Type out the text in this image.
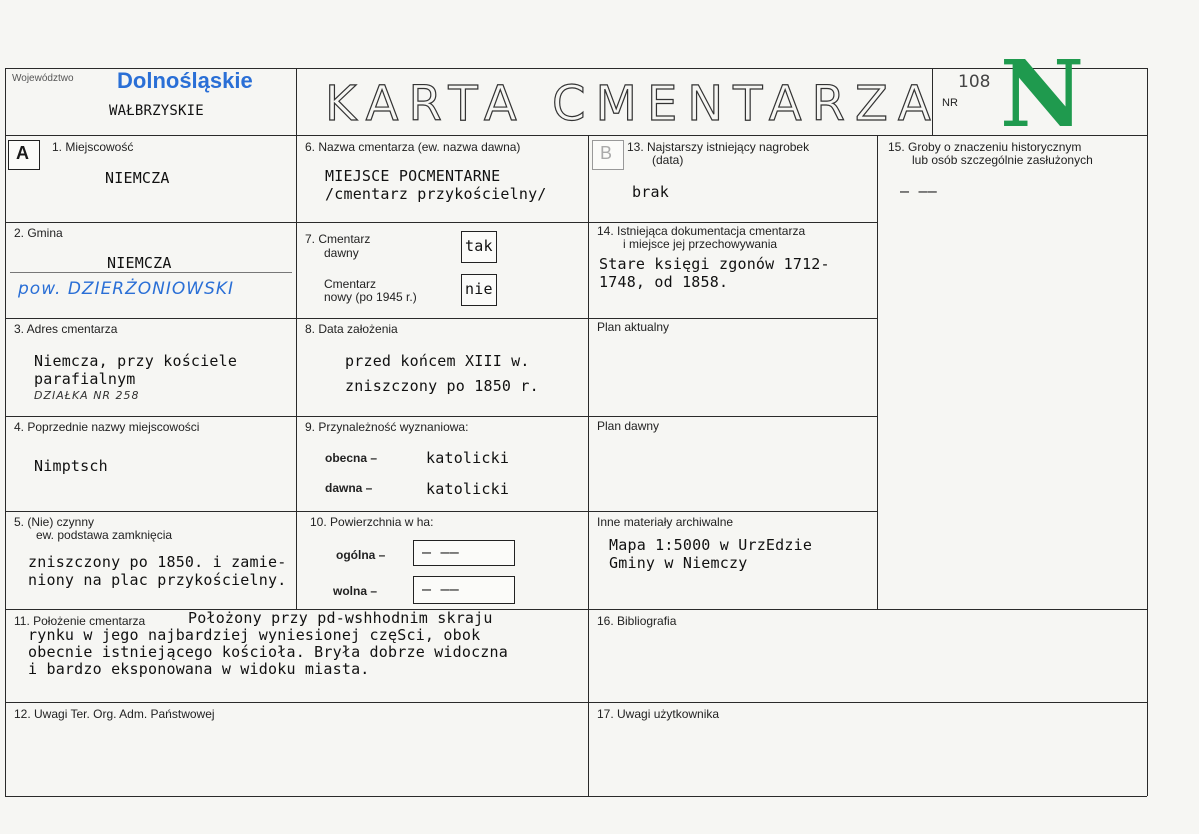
Województwo Dolnośląskie
WAŁBRZYSKIE	KARTA CMENTARZA NR
108 N
A 1. Miejscowość
NIEMCZA
6. Nazwa cmentarza (ew. nazwa dawna)
MIEJSCE POCMENTARNE
/cmentarz przykościelny/
B 13. Najstarszy istniejący nagrobek
(data)
brak
15. Groby o znaczeniu historycznym
lub osób szczególnie zasłużonych
– ––
2. Gmina
NIEMCZA
pow. DZIERŻONIOWSKI
7. Cmentarz
dawny	tak
Cmentarz
nowy (po 1945 r.)	nie
14. Istniejąca dokumentacja cmentarza
i miejsce jej przechowywania
Stare księgi zgonów 1712-
1748, od 1858.
3. Adres cmentarza
Niemcza, przy kościele
parafialnym
DZIAŁKA NR 258
8. Data założenia
przed końcem XIII w.
zniszczony po 1850 r.
Plan aktualny
4. Poprzednie nazwy miejscowości
Nimptsch
9. Przynależność wyznaniowa:
obecna –	katolicki
dawna –	katolicki
Plan dawny
5. (Nie) czynny
ew. podstawa zamknięcia
zniszczony po 1850. i zamie-
niony na plac przykościelny.
10. Powierzchnia w ha:
ogólna – – ––
wolna –	– ––
Inne materiały archiwalne
Mapa 1:5000 w UrzEdzie
Gminy w Niemczy
11. Położenie cmentarza	Położony przy pd-wshhodnim skraju
rynku w jego najbardziej wyniesionej częSci, obok
obecnie istniejącego kościoła. Bryła dobrze widoczna
i bardzo eksponowana w widoku miasta.
16. Bibliografia
12. Uwagi Ter. Org. Adm. Państwowej	17. Uwagi użytkownika
